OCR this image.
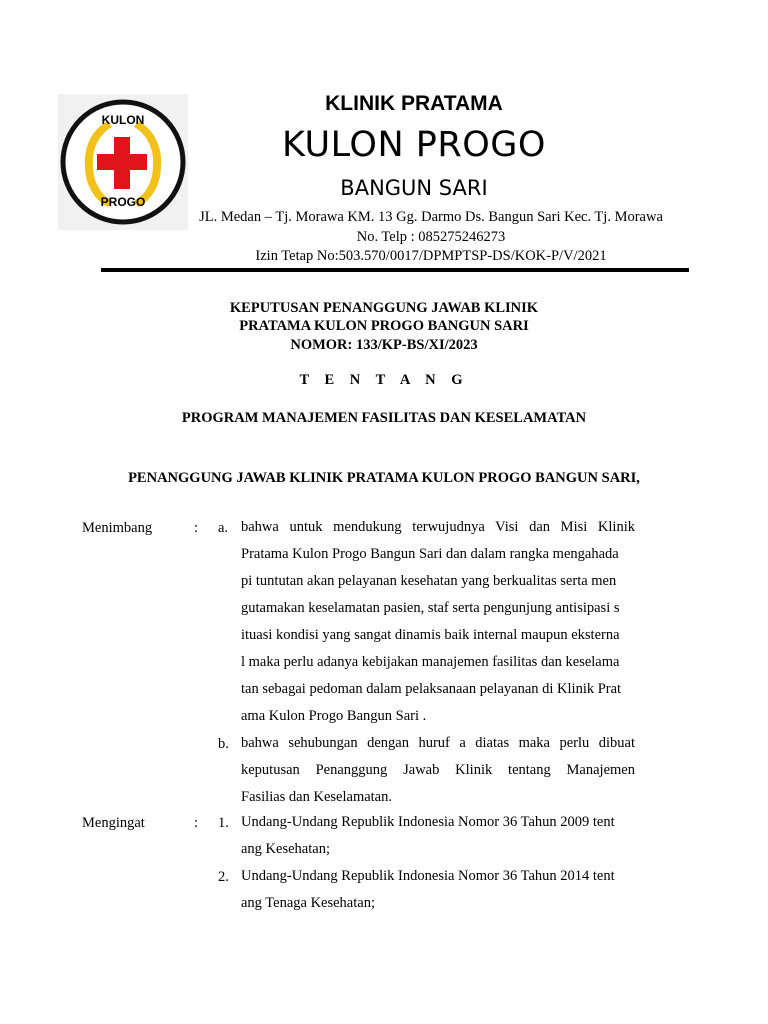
KULON
PROGO
KLINIK PRATAMA
KULON PROGO
BANGUN SARI
JL. Medan – Tj. Morawa KM. 13 Gg. Darmo Ds. Bangun Sari Kec. Tj. Morawa
No. Telp : 085275246273
Izin Tetap No:503.570/0017/DPMPTSP-DS/KOK-P/V/2021
KEPUTUSAN PENANGGUNG JAWAB KLINIK
PRATAMA KULON PROGO BANGUN SARI
NOMOR: 133/KP-BS/XI/2023
T E N T A N G
PROGRAM MANAJEMEN FASILITAS DAN KESELAMATAN
PENANGGUNG JAWAB KLINIK PRATAMA KULON PROGO BANGUN SARI,
Menimbang	: a. bahwa untuk mendukung terwujudnya Visi dan Misi Klinik
Pratama Kulon Progo Bangun Sari dan dalam rangka mengahada
pi tuntutan akan pelayanan kesehatan yang berkualitas serta men
gutamakan keselamatan pasien, staf serta pengunjung antisipasi s
ituasi kondisi yang sangat dinamis baik internal maupun eksterna
l maka perlu adanya kebijakan manajemen fasilitas dan keselama
tan sebagai pedoman dalam pelaksanaan pelayanan di Klinik Prat
ama Kulon Progo Bangun Sari .
b. bahwa sehubungan dengan huruf a diatas maka perlu dibuat
keputusan Penanggung Jawab Klinik tentang Manajemen
Fasilias dan Keselamatan.
Mengingat	: 1. Undang-Undang Republik Indonesia Nomor 36 Tahun 2009 tent
ang Kesehatan;
2. Undang-Undang Republik Indonesia Nomor 36 Tahun 2014 tent
ang Tenaga Kesehatan;
